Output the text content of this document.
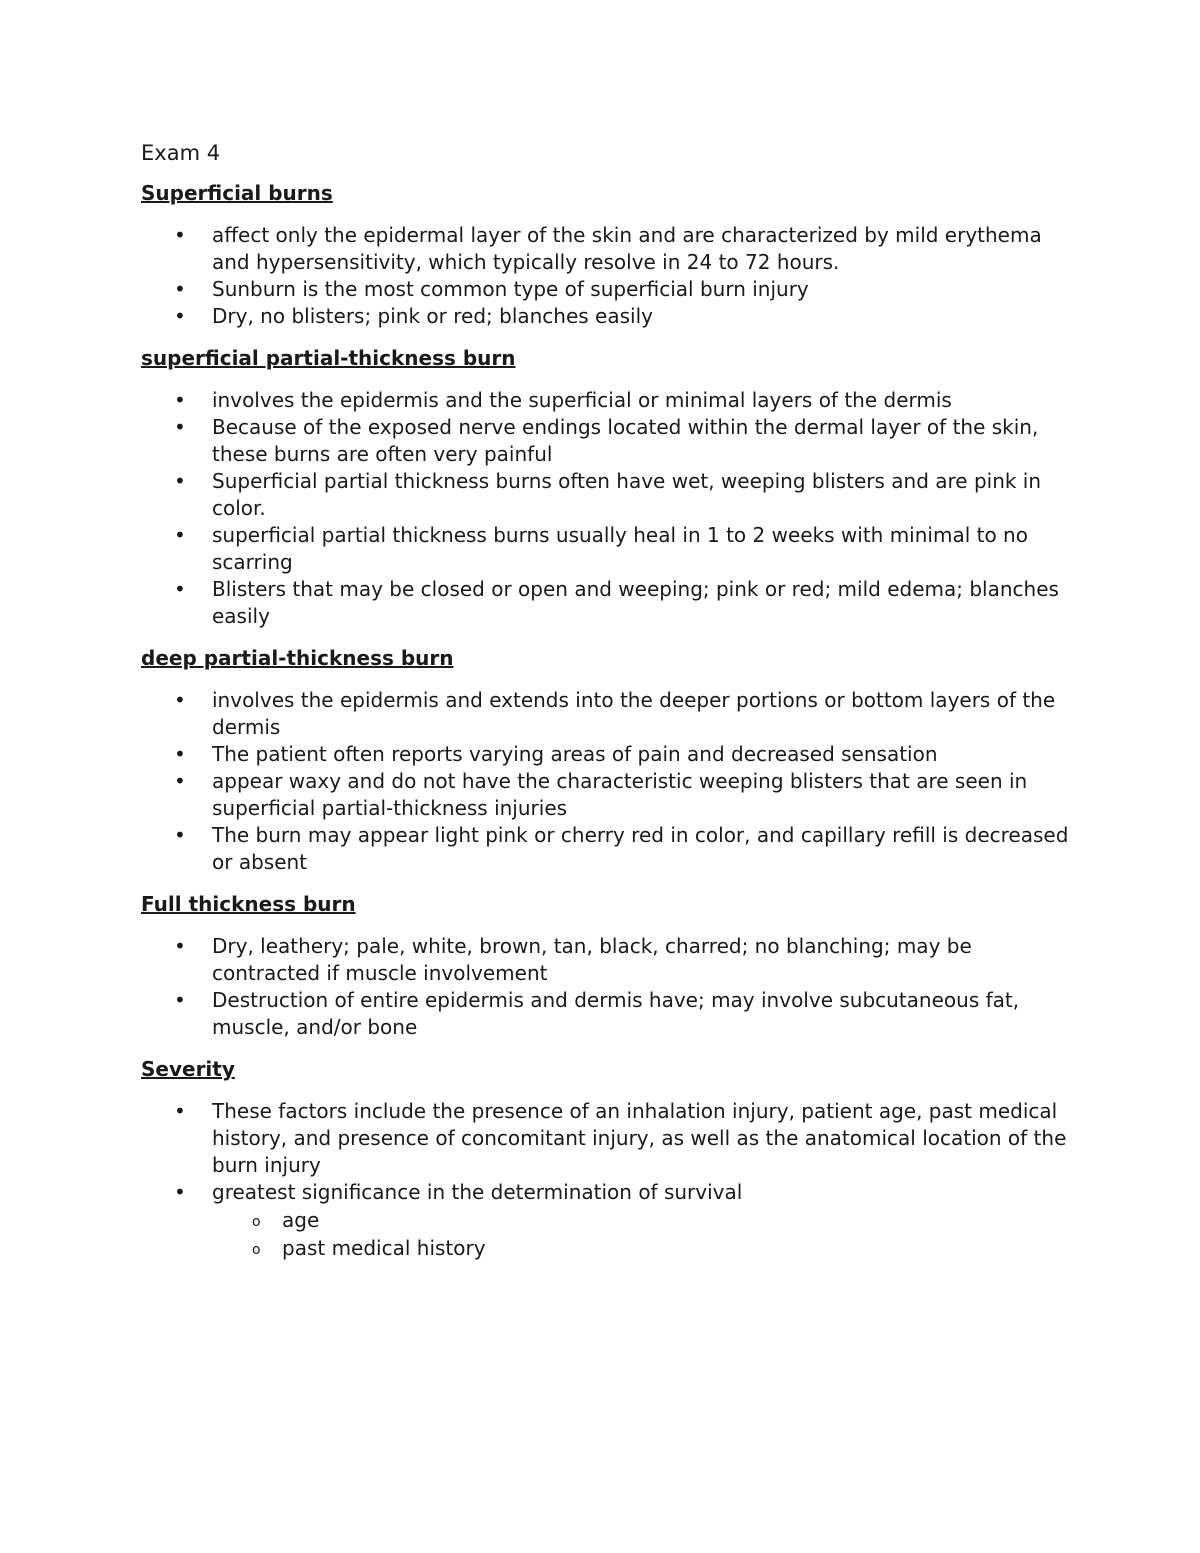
Exam 4
Superficial burns
• affect only the epidermal layer of the skin and are characterized by mild erythema and hypersensitivity, which typically resolve in 24 to 72 hours.
• Sunburn is the most common type of superficial burn injury
• Dry, no blisters; pink or red; blanches easily
superficial partial-thickness burn
• involves the epidermis and the superficial or minimal layers of the dermis
• Because of the exposed nerve endings located within the dermal layer of the skin, these burns are often very painful
• Superficial partial thickness burns often have wet, weeping blisters and are pink in color.
• superficial partial thickness burns usually heal in 1 to 2 weeks with minimal to no scarring
• Blisters that may be closed or open and weeping; pink or red; mild edema; blanches easily
deep partial-thickness burn
• involves the epidermis and extends into the deeper portions or bottom layers of the dermis
• The patient often reports varying areas of pain and decreased sensation
• appear waxy and do not have the characteristic weeping blisters that are seen in superficial partial-thickness injuries
• The burn may appear light pink or cherry red in color, and capillary refill is decreased or absent
Full thickness burn
• Dry, leathery; pale, white, brown, tan, black, charred; no blanching; may be contracted if muscle involvement
• Destruction of entire epidermis and dermis have; may involve subcutaneous fat, muscle, and/or bone
Severity
• These factors include the presence of an inhalation injury, patient age, past medical history, and presence of concomitant injury, as well as the anatomical location of the burn injury
• greatest significance in the determination of survival
o age
o past medical history
